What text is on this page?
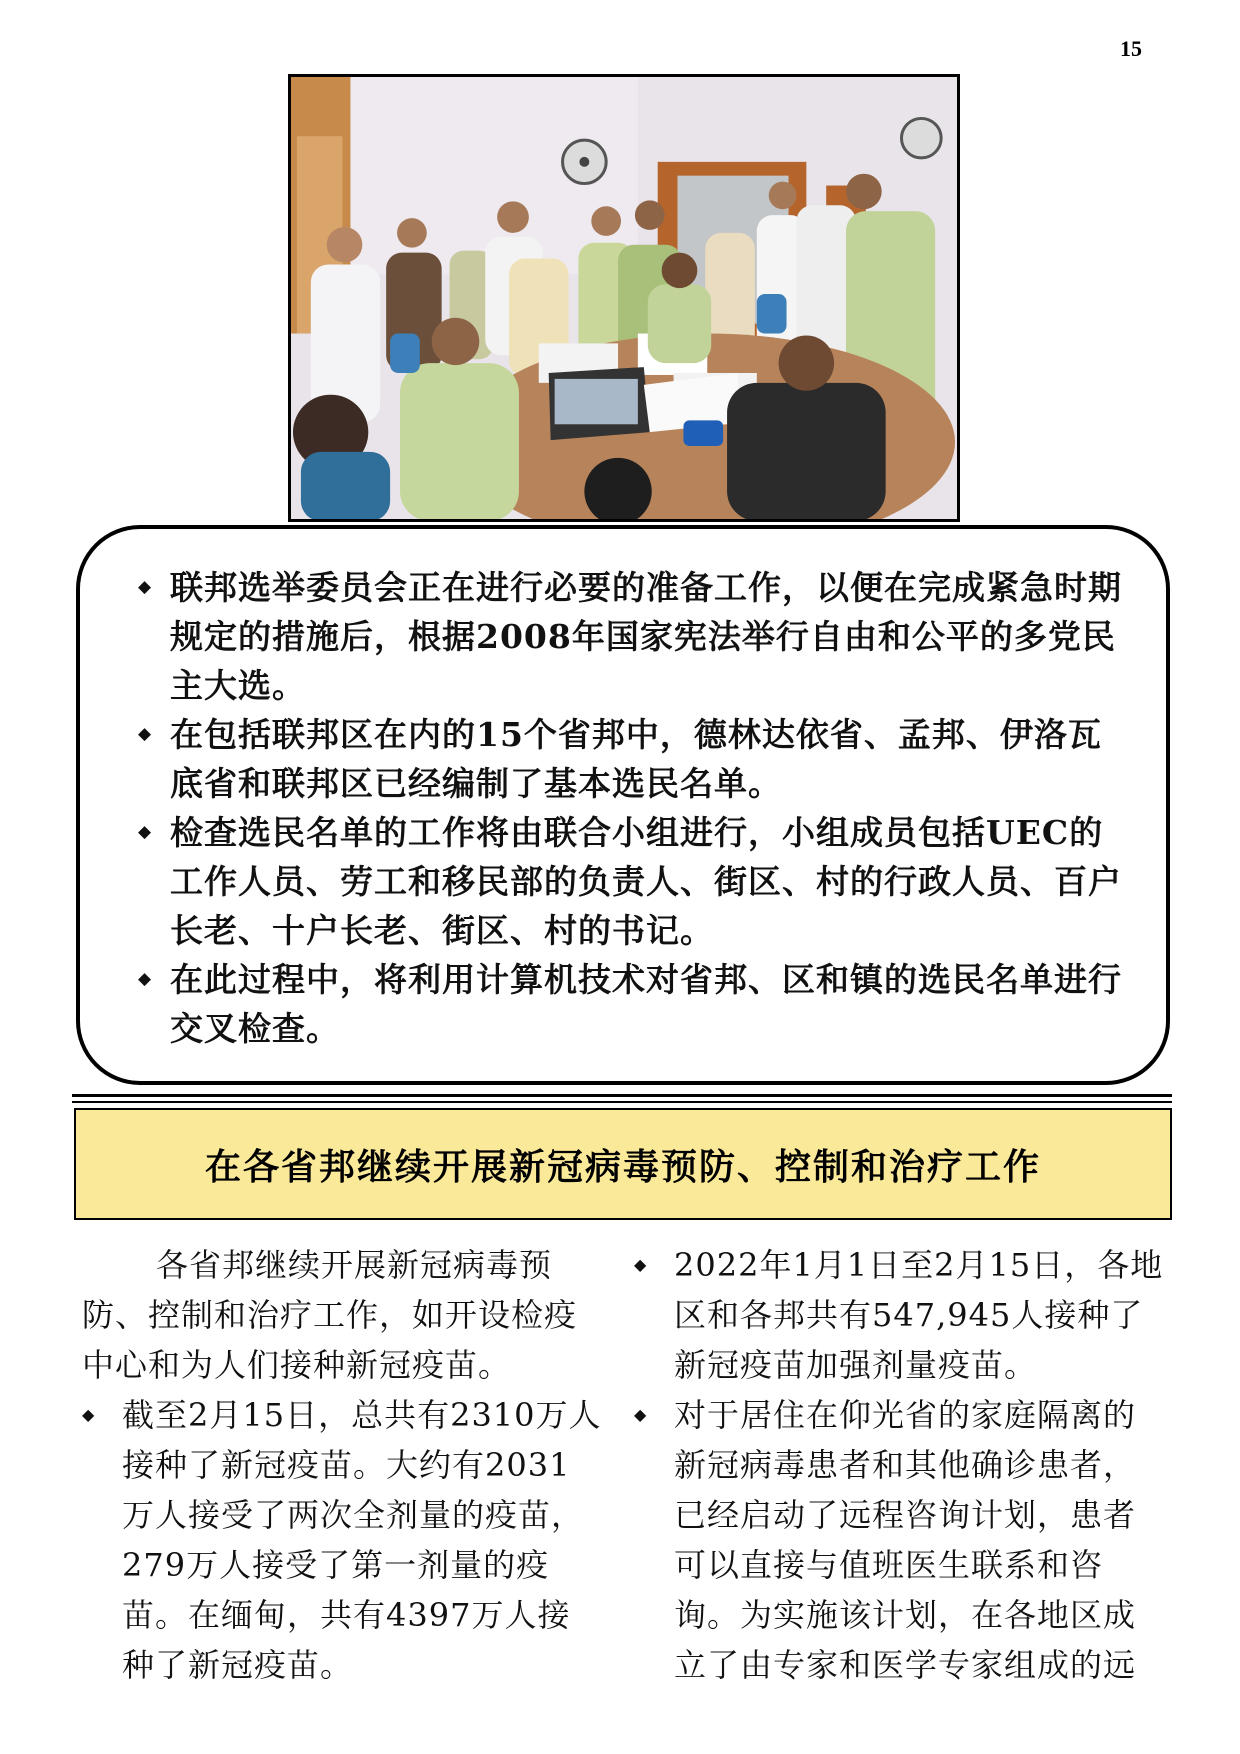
15
◆ 联邦选举委员会正在进行必要的准备工作，以便在完成紧急时期规定的措施后，根据2008年国家宪法举行自由和公平的多党民主大选。
◆ 在包括联邦区在内的15个省邦中，德林达依省、孟邦、伊洛瓦底省和联邦区已经编制了基本选民名单。
◆ 检查选民名单的工作将由联合小组进行，小组成员包括UEC的工作人员、劳工和移民部的负责人、街区、村的行政人员、百户长老、十户长老、街区、村的书记。
◆ 在此过程中，将利用计算机技术对省邦、区和镇的选民名单进行交叉检查。
在各省邦继续开展新冠病毒预防、控制和治疗工作

各省邦继续开展新冠病毒预防、控制和治疗工作，如开设检疫中心和为人们接种新冠疫苗。

◆ 截至2月15日，总共有2310万人接种了新冠疫苗。大约有2031万人接受了两次全剂量的疫苗，279万人接受了第一剂量的疫苗。在缅甸，共有4397万人接种了新冠疫苗。
◆ 2022年1月1日至2月15日，各地区和各邦共有547,945人接种了新冠疫苗加强剂量疫苗。
◆ 对于居住在仰光省的家庭隔离的新冠病毒患者和其他确诊患者，已经启动了远程咨询计划，患者可以直接与值班医生联系和咨询。为实施该计划，在各地区成立了由专家和医学专家组成的远
